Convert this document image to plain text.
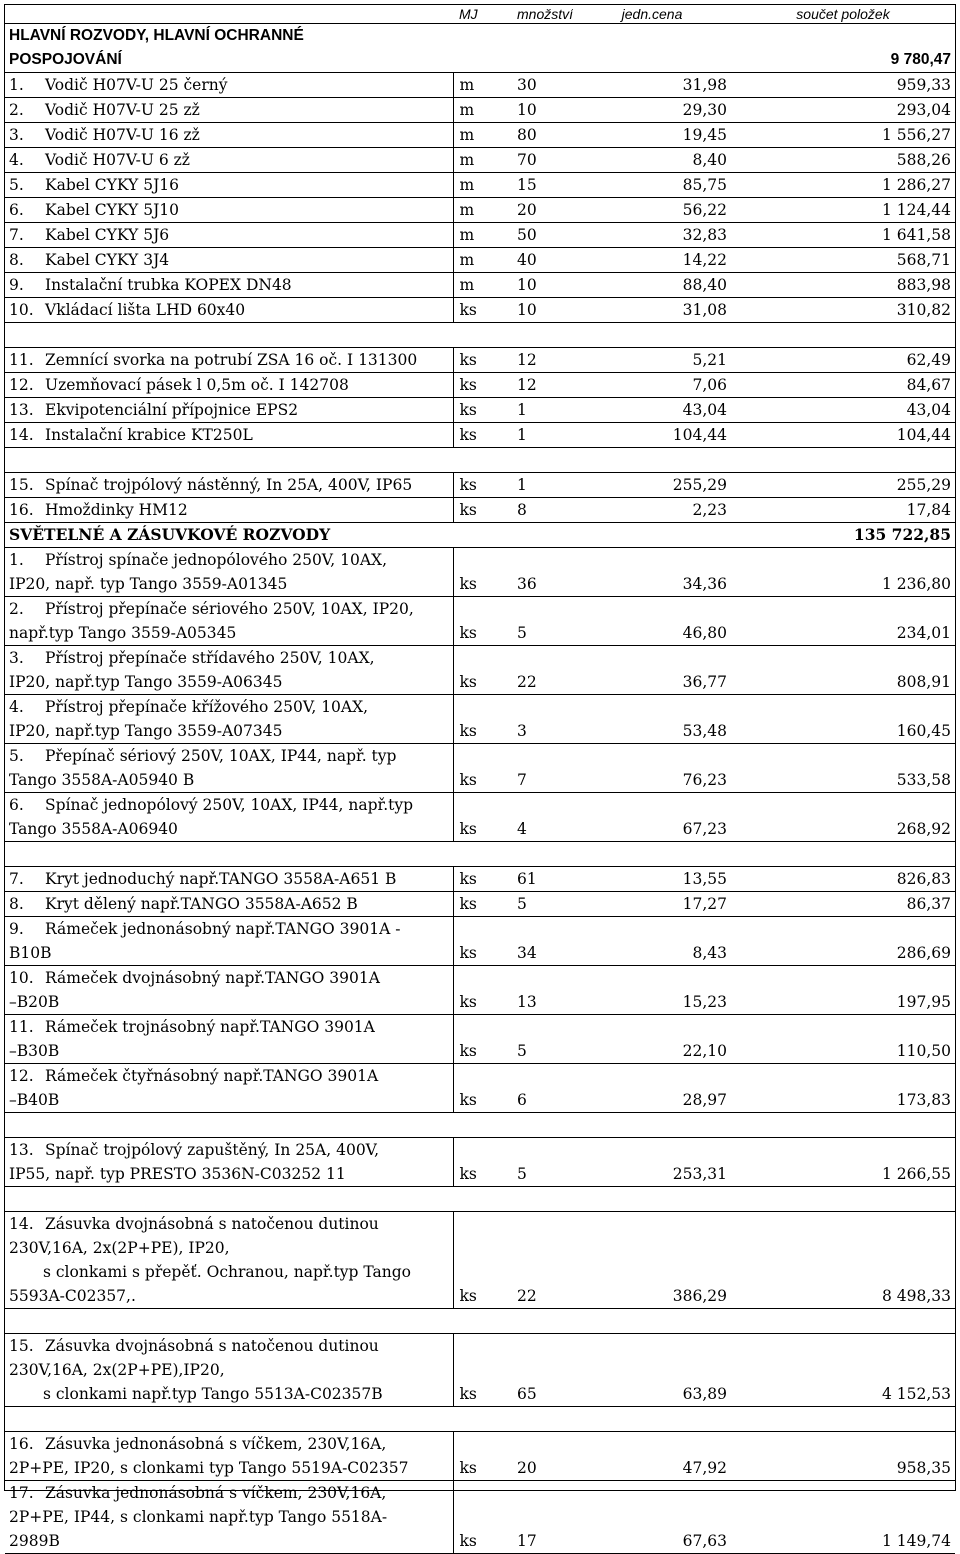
	MJ	množství	jedn.cena	součet položek
HLAVNÍ ROZVODY, HLAVNÍ OCHRANNÉ				
POSPOJOVÁNÍ				9 780,47

1. Vodič H07V-U 25 černý	m	30	31,98	959,33

2. Vodič H07V-U 25 zž	m	10	29,30	293,04

3. Vodič H07V-U 16 zž	m	80	19,45	1 556,27

4. Vodič H07V-U 6 zž	m	70	8,40	588,26

5. Kabel CYKY 5J16	m	15	85,75	1 286,27

6. Kabel CYKY 5J10	m	20	56,22	1 124,44

7. Kabel CYKY 5J6	m	50	32,83	1 641,58

8. Kabel CYKY 3J4	m	40	14,22	568,71

9. Instalační trubka KOPEX DN48	m	10	88,40	883,98

10. Vkládací lišta LHD 60x40	ks	10	31,08	310,82

11. Zemnící svorka na potrubí ZSA 16 oč. I 131300	ks	12	5,21	62,49

12. Uzemňovací pásek l 0,5m oč. I 142708	ks	12	7,06	84,67

13. Ekvipotenciální přípojnice EPS2	ks	1	43,04	43,04

14. Instalační krabice KT250L	ks	1	104,44	104,44

15. Spínač trojpólový nástěnný, In 25A, 400V, IP65	ks	1	255,29	255,29

16. Hmoždinky HM12	ks	8	2,23	17,84
SVĚTELNÉ A ZÁSUVKOVÉ ROZVODY				135 722,85

1. Přístroj spínače jednopólového 250V, 10AX,
IP20, např. typ Tango 3559-A01345	ks	36	34,36	1 236,80

2. Přístroj přepínače sériového 250V, 10AX, IP20,
např.typ Tango 3559-A05345	ks	5	46,80	234,01

3. Přístroj přepínače střídavého 250V, 10AX,
IP20, např.typ Tango 3559-A06345	ks	22	36,77	808,91

4. Přístroj přepínače křížového 250V, 10AX,
IP20, např.typ Tango 3559-A07345	ks	3	53,48	160,45

5. Přepínač sériový 250V, 10AX, IP44, např. typ
Tango 3558A-A05940 B	ks	7	76,23	533,58

6. Spínač jednopólový 250V, 10AX, IP44, např.typ
Tango 3558A-A06940	ks	4	67,23	268,92

7. Kryt jednoduchý např.TANGO 3558A-A651 B	ks	61	13,55	826,83

8. Kryt dělený např.TANGO 3558A-A652 B	ks	5	17,27	86,37

9. Rámeček jednonásobný např.TANGO 3901A -
B10B	ks	34	8,43	286,69

10. Rámeček dvojnásobný např.TANGO 3901A
–B20B	ks	13	15,23	197,95

11. Rámeček trojnásobný např.TANGO 3901A
–B30B	ks	5	22,10	110,50

12. Rámeček čtyřnásobný např.TANGO 3901A
–B40B	ks	6	28,97	173,83

13. Spínač trojpólový zapuštěný, In 25A, 400V,
IP55, např. typ PRESTO 3536N-C03252 11	ks	5	253,31	1 266,55

14. Zásuvka dvojnásobná s natočenou dutinou
230V,16A, 2x(2P+PE), IP20,
s clonkami s přepěť. Ochranou, např.typ Tango
5593A-C02357,.	ks	22	386,29	8 498,33

15. Zásuvka dvojnásobná s natočenou dutinou
230V,16A, 2x(2P+PE),IP20,
s clonkami např.typ Tango 5513A-C02357B	ks	65	63,89	4 152,53

16. Zásuvka jednonásobná s víčkem, 230V,16A,
2P+PE, IP20, s clonkami typ Tango 5519A-C02357	ks	20	47,92	958,35

17. Zásuvka jednonásobná s víčkem, 230V,16A,
2P+PE, IP44, s clonkami např.typ Tango 5518A-
2989B	ks	17	67,63	1 149,74
